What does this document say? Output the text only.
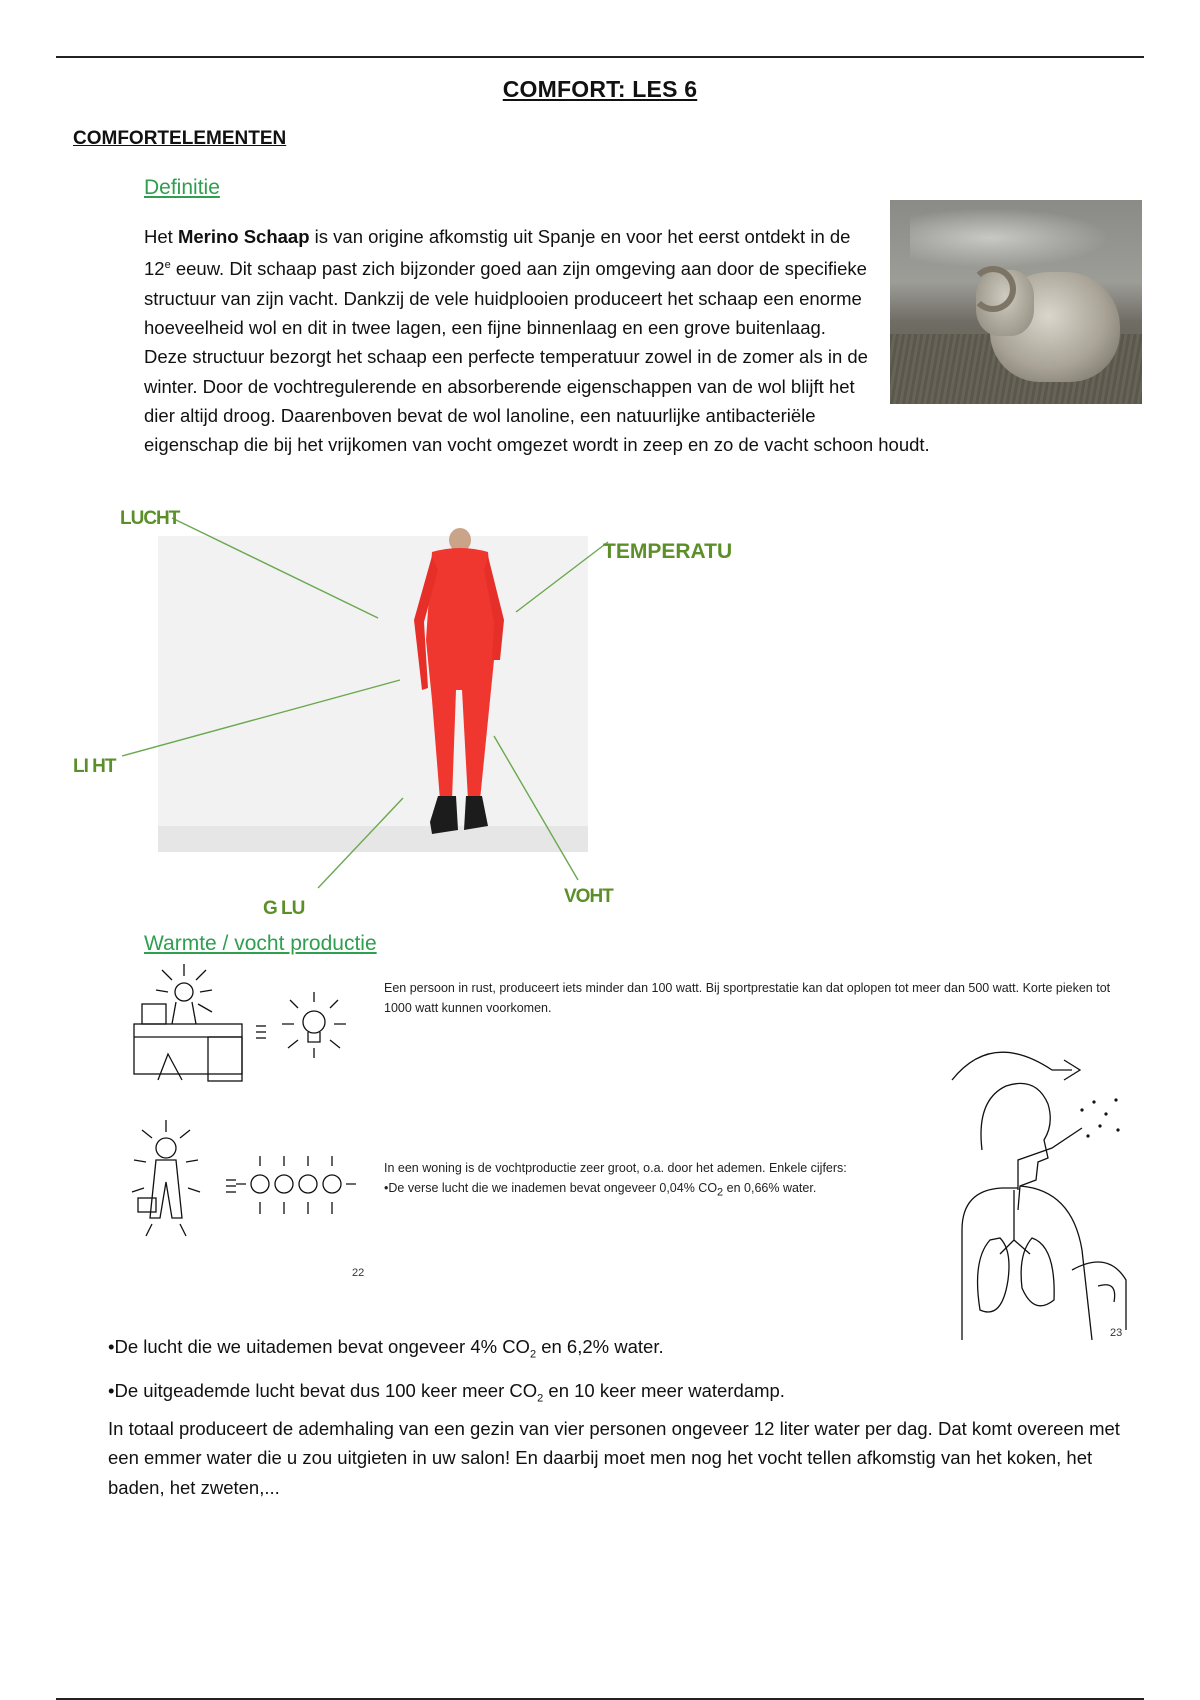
COMFORT: LES 6
COMFORTELEMENTEN
Definitie
Het Merino Schaap is van origine afkomstig uit Spanje en voor het eerst ontdekt in de 12e eeuw. Dit schaap past zich bijzonder goed aan zijn omgeving aan door de specifieke structuur van zijn vacht. Dankzij de vele huidplooien produceert het schaap een enorme hoeveelheid wol en dit in twee lagen, een fijne binnenlaag en een grove buitenlaag. Deze structuur bezorgt het schaap een perfecte temperatuur zowel in de zomer als in de winter. Door de vochtregulerende en absorberende eigenschappen van de wol blijft het dier altijd droog. Daarenboven bevat de wol lanoline, een natuurlijke antibacteriële eigenschap die bij het vrijkomen van vocht omgezet wordt in zeep en zo de vacht schoon houdt.
LUCHT
TEMPERATU
LI HT
G LU
VOHT
Warmte / vocht productie
22
Een persoon in rust, produceert iets minder dan 100 watt. Bij sportprestatie kan dat oplopen tot meer dan 500 watt. Korte pieken tot 1000 watt kunnen voorkomen.
In een woning is de vochtproductie zeer groot, o.a. door het ademen. Enkele cijfers:
•De verse lucht die we inademen bevat ongeveer 0,04% $CO_2$ en 0,66% water.
23
•De lucht die we uitademen bevat ongeveer 4% $CO_2$ en 6,2% water.
•De uitgeademde lucht bevat dus 100 keer meer $CO_2$ en 10 keer meer waterdamp.
In totaal produceert de ademhaling van een gezin van vier personen ongeveer 12 liter water per dag. Dat komt overeen met een emmer water die u zou uitgieten in uw salon! En daarbij moet men nog het vocht tellen afkomstig van het koken, het baden, het zweten,...
